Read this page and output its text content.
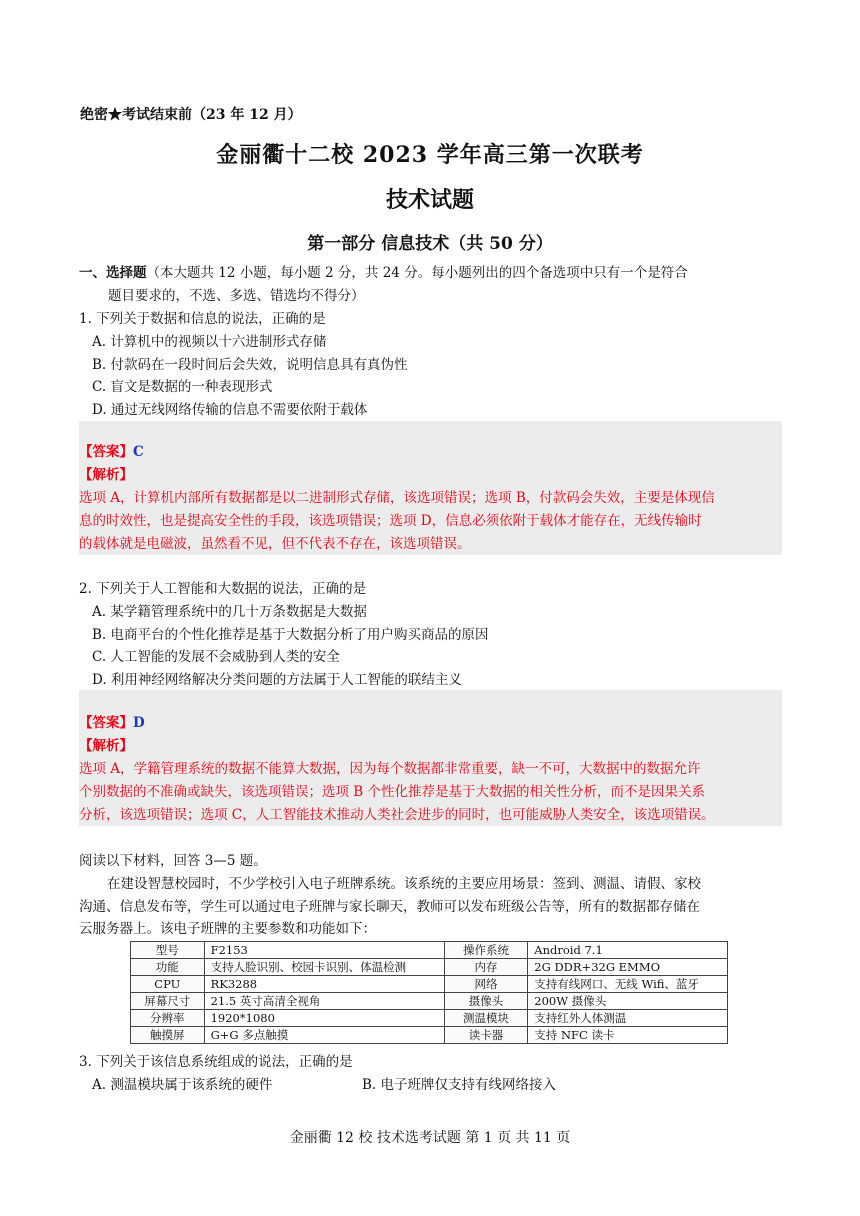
绝密★考试结束前（23 年 12 月）
金丽衢十二校 2023 学年高三第一次联考
技术试题
第一部分 信息技术（共 50 分）
一、选择题（本大题共 12 小题，每小题 2 分，共 24 分。每小题列出的四个备选项中只有一个是符合
题目要求的，不选、多选、错选均不得分）
1. 下列关于数据和信息的说法，正确的是
A. 计算机中的视频以十六进制形式存储
B. 付款码在一段时间后会失效，说明信息具有真伪性
C. 盲文是数据的一种表现形式
D. 通过无线网络传输的信息不需要依附于载体
【答案】C
【解析】
选项 A，计算机内部所有数据都是以二进制形式存储，该选项错误；选项 B，付款码会失效，主要是体现信
息的时效性，也是提高安全性的手段，该选项错误；选项 D，信息必须依附于载体才能存在，无线传输时
的载体就是电磁波，虽然看不见，但不代表不存在，该选项错误。
2. 下列关于人工智能和大数据的说法，正确的是
A. 某学籍管理系统中的几十万条数据是大数据
B. 电商平台的个性化推荐是基于大数据分析了用户购买商品的原因
C. 人工智能的发展不会威胁到人类的安全
D. 利用神经网络解决分类问题的方法属于人工智能的联结主义
【答案】D
【解析】
选项 A，学籍管理系统的数据不能算大数据，因为每个数据都非常重要，缺一不可，大数据中的数据允许
个别数据的不准确或缺失，该选项错误；选项 B 个性化推荐是基于大数据的相关性分析，而不是因果关系
分析，该选项错误；选项 C，人工智能技术推动人类社会进步的同时，也可能威胁人类安全，该选项错误。
阅读以下材料，回答 3—5 题。
在建设智慧校园时，不少学校引入电子班牌系统。该系统的主要应用场景：签到、测温、请假、家校
沟通、信息发布等，学生可以通过电子班牌与家长聊天，教师可以发布班级公告等，所有的数据都存储在
云服务器上。该电子班牌的主要参数和功能如下：
型号	F2153	操作系统	Android 7.1
功能	支持人脸识别、校园卡识别、体温检测	内存	2G DDR+32G EMMO
CPU	RK3288	网络	支持有线网口、无线 Wifi、蓝牙
屏幕尺寸	21.5 英寸高清全视角	摄像头	200W 摄像头
分辨率	1920*1080	测温模块	支持红外人体测温
触摸屏	G+G 多点触摸	读卡器	支持 NFC 读卡
3. 下列关于该信息系统组成的说法，正确的是
A. 测温模块属于该系统的硬件	B. 电子班牌仅支持有线网络接入
金丽衢 12 校 技术选考试题 第 1 页 共 11 页
